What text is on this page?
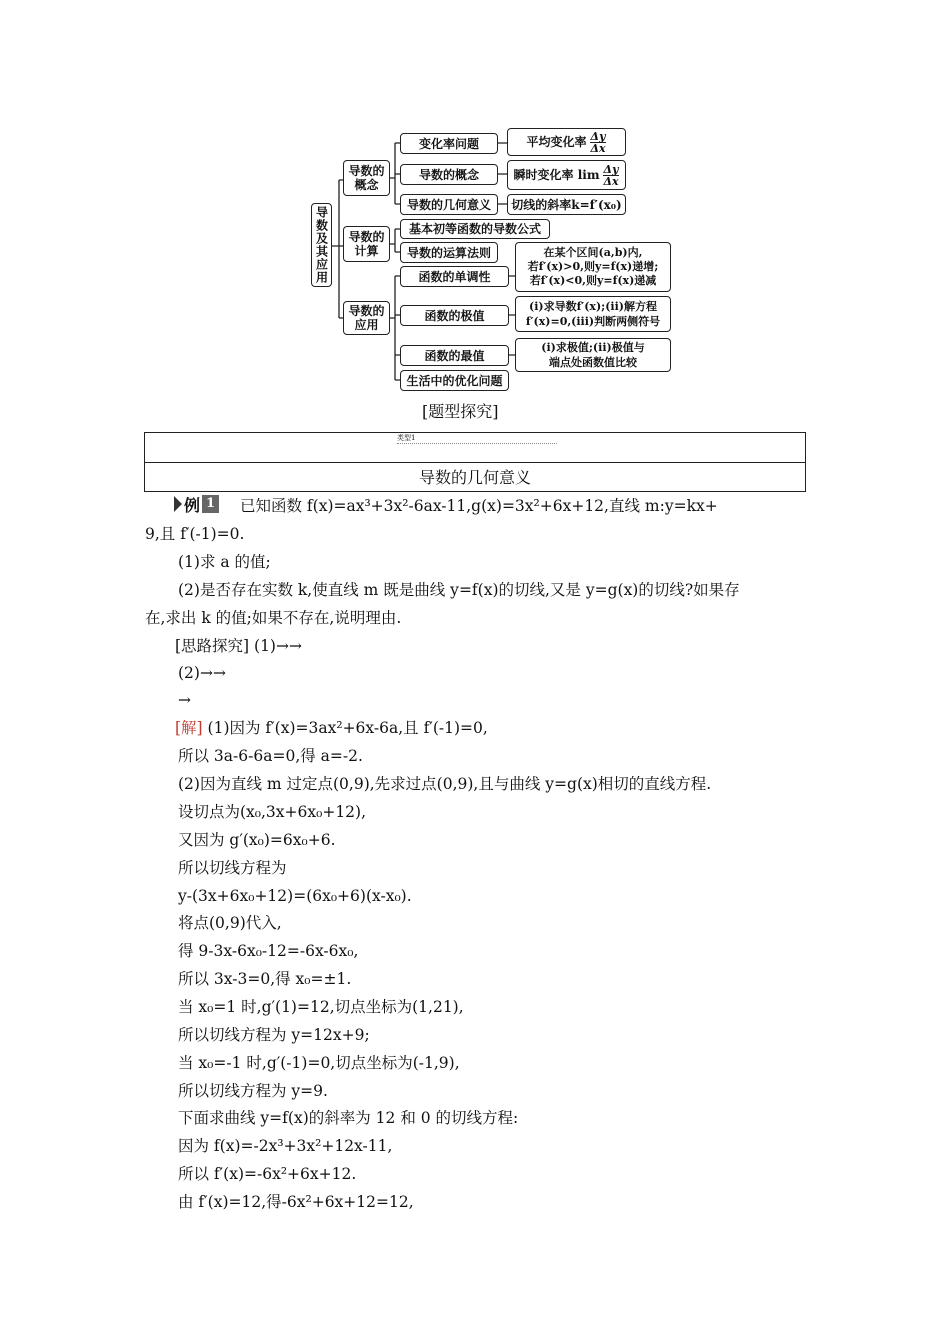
导数及其应用
导数的概念
导数的计算
导数的应用
变化率问题	平均变化率 $\frac{\Delta y}{\Delta x}$
导数的概念	瞬时变化率 $\lim \frac{\Delta y}{\Delta x}$
导数的几何意义 切线的斜率k=f′(x₀)
基本初等函数的导数公式
导数的运算法则
函数的单调性
在某个区间(a,b)内,
若f′(x)>0,则y=f(x)递增;
若f′(x)<0,则y=f(x)递减
函数的极值
(i)求导数f′(x);(ii)解方程
f′(x)=0,(iii)判断两侧符号
函数的最值
(i)求极值;(ii)极值与
端点处函数值比较
生活中的优化问题
[题型探究]
类型1
导数的几何意义
例 1 已知函数 f(x)=ax³+3x²-6ax-11,g(x)=3x²+6x+12,直线 m:y=kx+
9,且 f′(-1)=0.
(1)求 a 的值;
(2)是否存在实数 k,使直线 m 既是曲线 y=f(x)的切线,又是 y=g(x)的切线?如果存
在,求出 k 的值;如果不存在,说明理由.
[思路探究] (1)→→
(2)→→
→
[解] (1)因为 f′(x)=3ax²+6x-6a,且 f′(-1)=0,
所以 3a-6-6a=0,得 a=-2.
(2)因为直线 m 过定点(0,9),先求过点(0,9),且与曲线 y=g(x)相切的直线方程.
设切点为(x₀,3x+6x₀+12),
又因为 g′(x₀)=6x₀+6.
所以切线方程为
y-(3x+6x₀+12)=(6x₀+6)(x-x₀).
将点(0,9)代入,
得 9-3x-6x₀-12=-6x-6x₀,
所以 3x-3=0,得 x₀=±1.
当 x₀=1 时,g′(1)=12,切点坐标为(1,21),
所以切线方程为 y=12x+9;
当 x₀=-1 时,g′(-1)=0,切点坐标为(-1,9),
所以切线方程为 y=9.
下面求曲线 y=f(x)的斜率为 12 和 0 的切线方程:
因为 f(x)=-2x³+3x²+12x-11,
所以 f′(x)=-6x²+6x+12.
由 f′(x)=12,得-6x²+6x+12=12,
